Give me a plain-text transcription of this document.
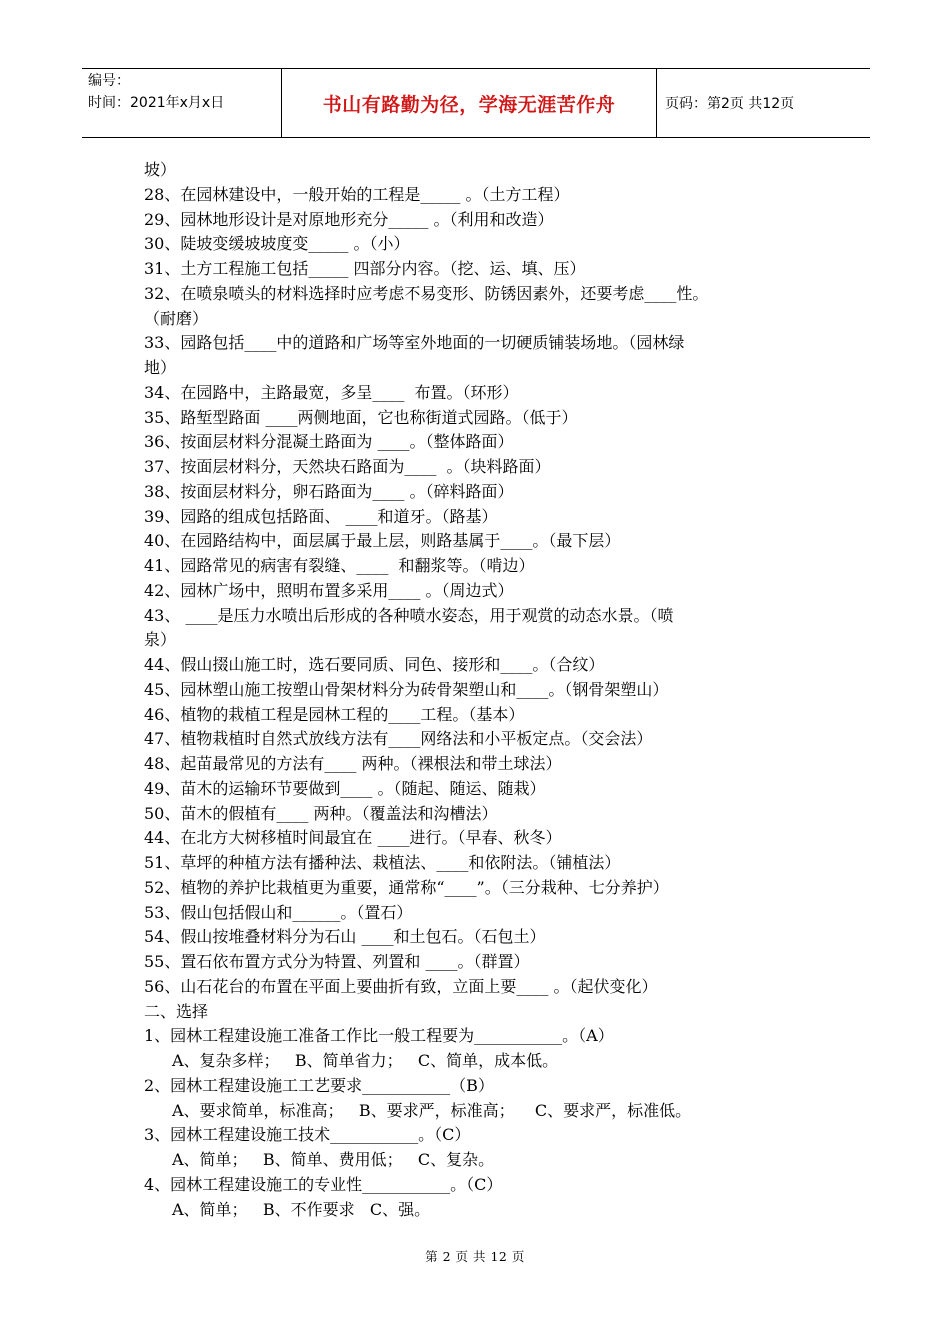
编号：
时间：2021年x月x日	书山有路勤为径，学海无涯苦作舟	页码：第2页 共12页
坡）
28、在园林建设中，一般开始的工程是_____ 。（土方工程）
29、园林地形设计是对原地形充分_____ 。（利用和改造）
30、陡坡变缓坡坡度变_____ 。（小）
31、土方工程施工包括_____ 四部分内容。（挖、运、填、压）
32、在喷泉喷头的材料选择时应考虑不易变形、防锈因素外，还要考虑____性。
（耐磨）
33、园路包括____中的道路和广场等室外地面的一切硬质铺装场地。（园林绿
地）
34、在园路中，主路最宽，多呈____  布置。（环形）
35、路堑型路面 ____两侧地面，它也称街道式园路。（低于）
36、按面层材料分混凝土路面为 ____。（整体路面）
37、按面层材料分，天然块石路面为____  。（块料路面）
38、按面层材料分，卵石路面为____ 。（碎料路面）
39、园路的组成包括路面、 ____和道牙。（路基）
40、在园路结构中，面层属于最上层，则路基属于____。（最下层）
41、园路常见的病害有裂缝、____  和翻浆等。（啃边）
42、园林广场中，照明布置多采用____ 。（周边式）
43、 ____是压力水喷出后形成的各种喷水姿态，用于观赏的动态水景。（喷
泉）
44、假山掇山施工时，选石要同质、同色、接形和____。（合纹）
45、园林塑山施工按塑山骨架材料分为砖骨架塑山和____。（钢骨架塑山）
46、植物的栽植工程是园林工程的____工程。（基本）
47、植物栽植时自然式放线方法有____网络法和小平板定点。（交会法）
48、起苗最常见的方法有____ 两种。（裸根法和带土球法）
49、苗木的运输环节要做到____ 。（随起、随运、随栽）
50、苗木的假植有____ 两种。（覆盖法和沟槽法）
44、在北方大树移植时间最宜在 ____进行。（早春、秋冬）
51、草坪的种植方法有播种法、栽植法、____和依附法。（铺植法）
52、植物的养护比栽植更为重要，通常称“____”。（三分栽种、七分养护）
53、假山包括假山和______。（置石）
54、假山按堆叠材料分为石山 ____和土包石。（石包土）
55、置石依布置方式分为特置、列置和 ____。（群置）
56、山石花台的布置在平面上要曲折有致，立面上要____ 。（起伏变化）
二、选择
1、园林工程建设施工准备工作比一般工程要为___________。（A）
A、复杂多样；   B、简单省力；   C、简单，成本低。
2、园林工程建设施工工艺要求___________（B）
A、要求简单，标准高；   B、要求严，标准高；    C、要求严，标准低。
3、园林工程建设施工技术___________。（C）
A、简单；   B、简单、费用低；   C、复杂。
4、园林工程建设施工的专业性___________。（C）
A、简单；   B、不作要求   C、强。
第 2 页 共 12 页
